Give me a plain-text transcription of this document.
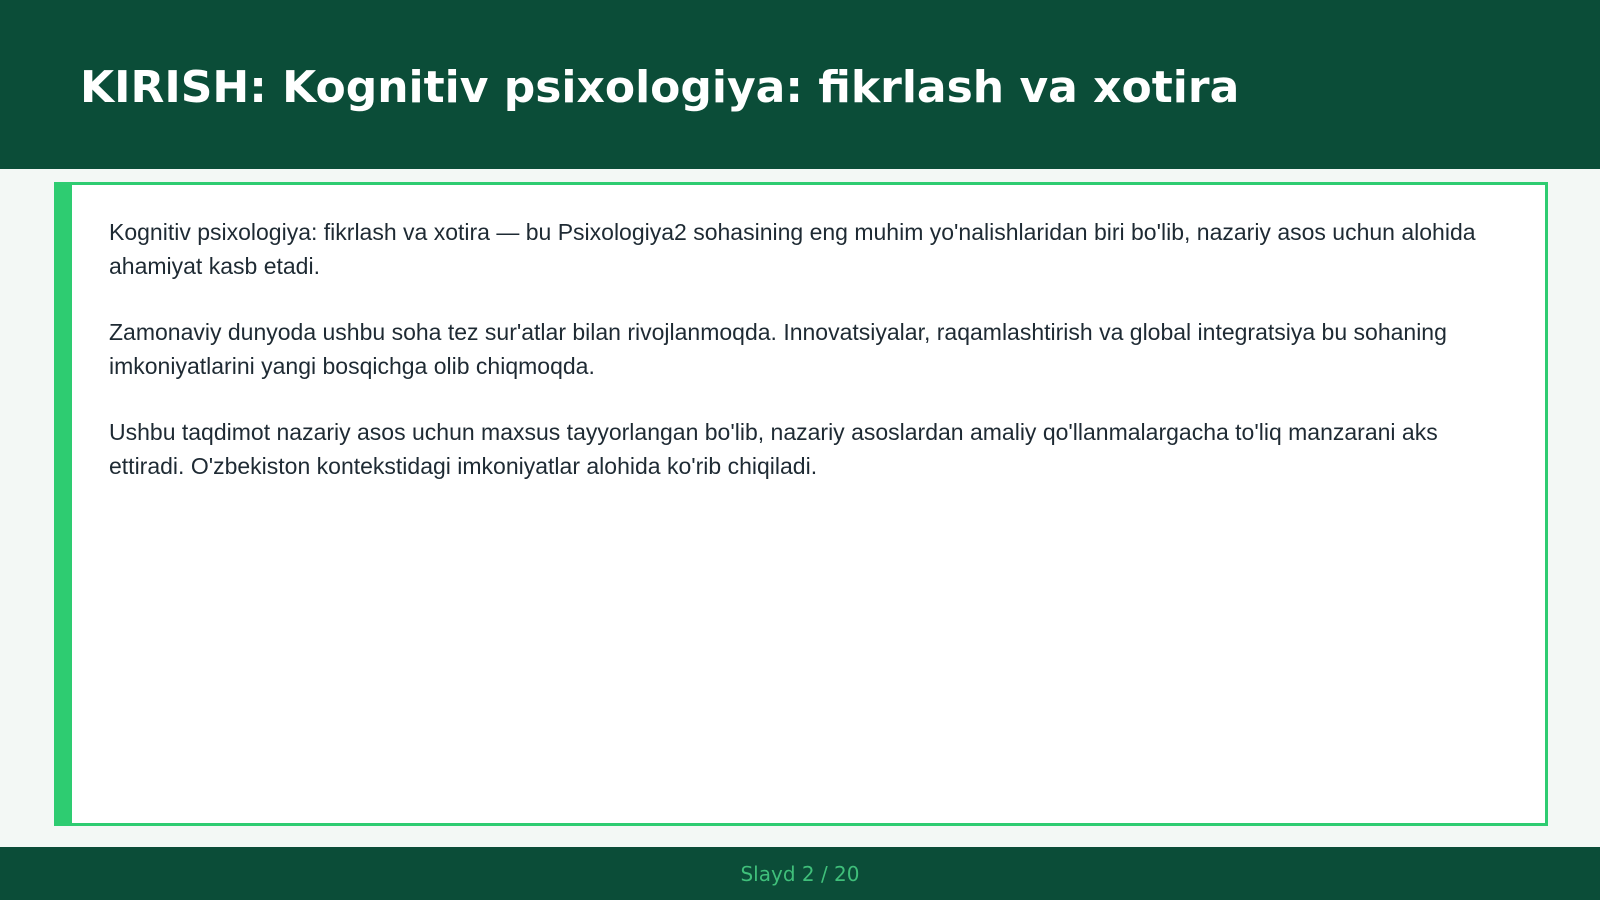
KIRISH: Kognitiv psixologiya: fikrlash va xotira

Kognitiv psixologiya: fikrlash va xotira — bu Psixologiya2 sohasining eng muhim yo'nalishlaridan biri bo'lib, nazariy asos uchun alohida ahamiyat kasb etadi.

Zamonaviy dunyoda ushbu soha tez sur'atlar bilan rivojlanmoqda. Innovatsiyalar, raqamlashtirish va global integratsiya bu sohaning imkoniyatlarini yangi bosqichga olib chiqmoqda.

Ushbu taqdimot nazariy asos uchun maxsus tayyorlangan bo'lib, nazariy asoslardan amaliy qo'llanmalargacha to'liq manzarani aks ettiradi. O'zbekiston kontekstidagi imkoniyatlar alohida ko'rib chiqiladi.

Slayd 2 / 20
